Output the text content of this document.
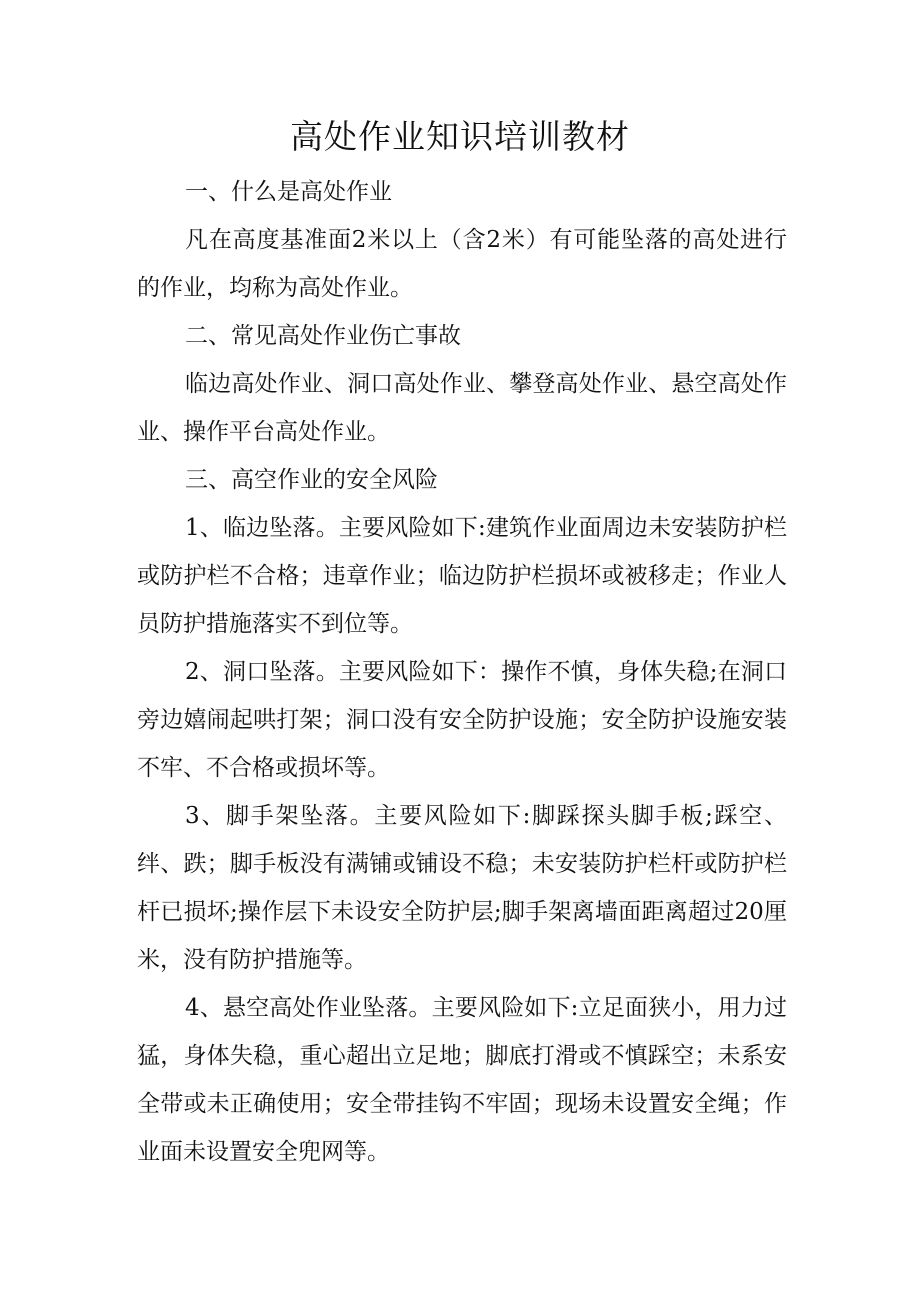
高处作业知识培训教材

一、什么是高处作业

凡在高度基准面2米以上（含2米）有可能坠落的高处进行的作业，均称为高处作业。

二、常见高处作业伤亡事故

临边高处作业、洞口高处作业、攀登高处作业、悬空高处作业、操作平台高处作业。

三、高空作业的安全风险

1、临边坠落。主要风险如下:建筑作业面周边未安装防护栏或防护栏不合格；违章作业；临边防护栏损坏或被移走；作业人员防护措施落实不到位等。

2、洞口坠落。主要风险如下：操作不慎，身体失稳;在洞口旁边嬉闹起哄打架；洞口没有安全防护设施；安全防护设施安装不牢、不合格或损坏等。

3、脚手架坠落。主要风险如下:脚踩探头脚手板;踩空、绊、跌；脚手板没有满铺或铺设不稳；未安装防护栏杆或防护栏杆已损坏;操作层下未设安全防护层;脚手架离墙面距离超过20厘米，没有防护措施等。

4、悬空高处作业坠落。主要风险如下:立足面狭小，用力过猛，身体失稳，重心超出立足地；脚底打滑或不慎踩空；未系安全带或未正确使用；安全带挂钩不牢固；现场未设置安全绳；作业面未设置安全兜网等。
